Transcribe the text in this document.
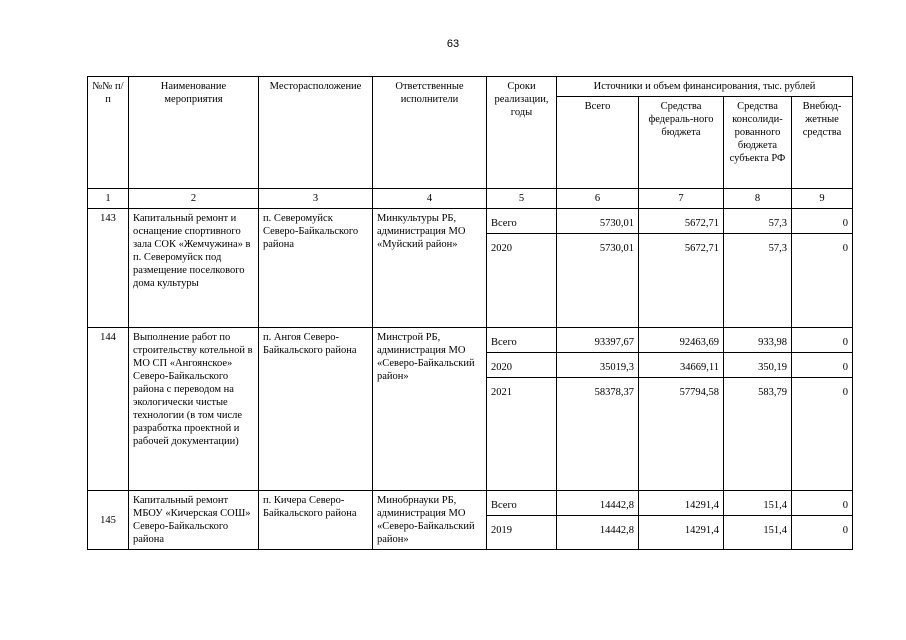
63
№№ п/п	Наименование мероприятия	Месторасположение	Ответственные исполнители	Сроки реализации, годы	Источники и объем финансирования, тыс. рублей			
					Всего	Средства федераль-ного бюджета	Средства консолиди-рованного бюджета субъекта РФ	Внебюд-жетные средства
1	2	3	4	5	6	7	8	9
143	Капитальный ремонт и оснащение спортивного зала СОК «Жемчужина» в п. Северомуйск под размещение поселкового дома культуры	п. Северомуйск Северо-Байкальского района	Минкультуры РБ, администрация МО «Муйский район»	Всего	5730,01	5672,71	57,3	0
				2020	5730,01	5672,71	57,3	0
144	Выполнение работ по строительству котельной в МО СП «Ангоянское» Северо-Байкальского района с переводом на экологически чистые технологии (в том числе разработка проектной и рабочей документации)	п. Ангоя Северо-Байкальского района	Минстрой РБ, администрация МО «Северо-Байкальский район»	Всего	93397,67	92463,69	933,98	0
				2020	35019,3	34669,11	350,19	0
				2021	58378,37	57794,58	583,79	0
145	Капитальный ремонт МБОУ «Кичерская СОШ» Северо-Байкальского района	п. Кичера Северо-Байкальского района	Минобрнауки РБ, администрация МО «Северо-Байкальский район»	Всего	14442,8	14291,4	151,4	0
				2019	14442,8	14291,4	151,4	0
